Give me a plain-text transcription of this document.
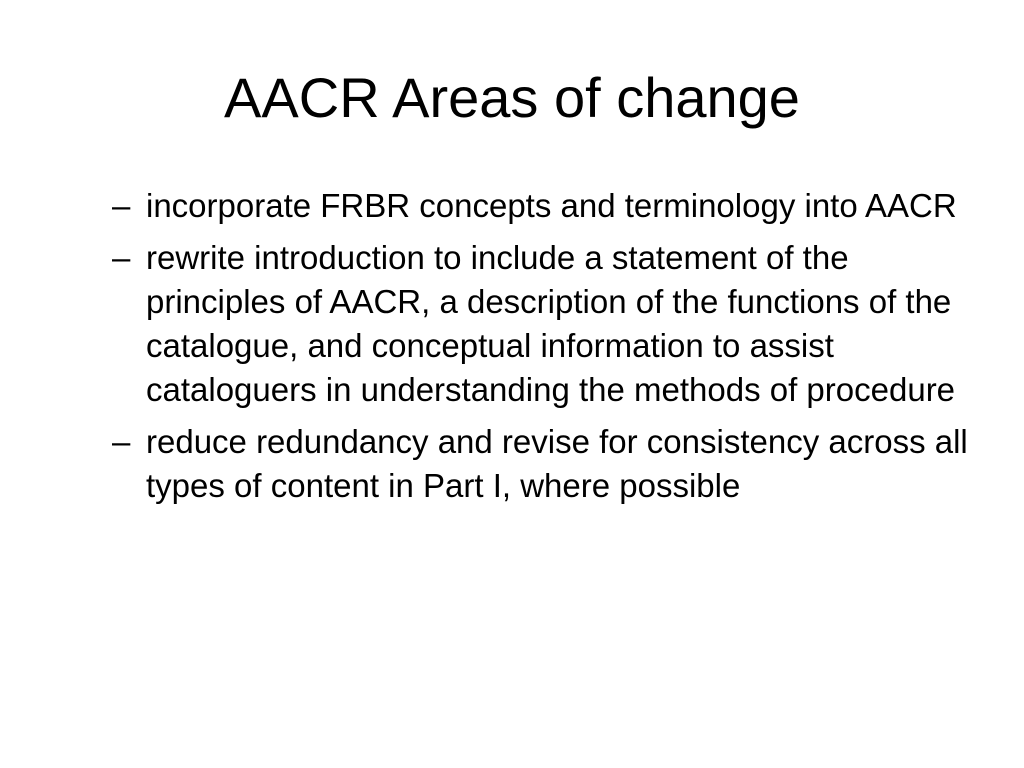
AACR Areas of change
– incorporate FRBR concepts and terminology into AACR
– rewrite introduction to include a statement of the principles of AACR, a description of the functions of the catalogue, and conceptual information to assist cataloguers in understanding the methods of procedure
– reduce redundancy and revise for consistency across all types of content in Part I, where possible
